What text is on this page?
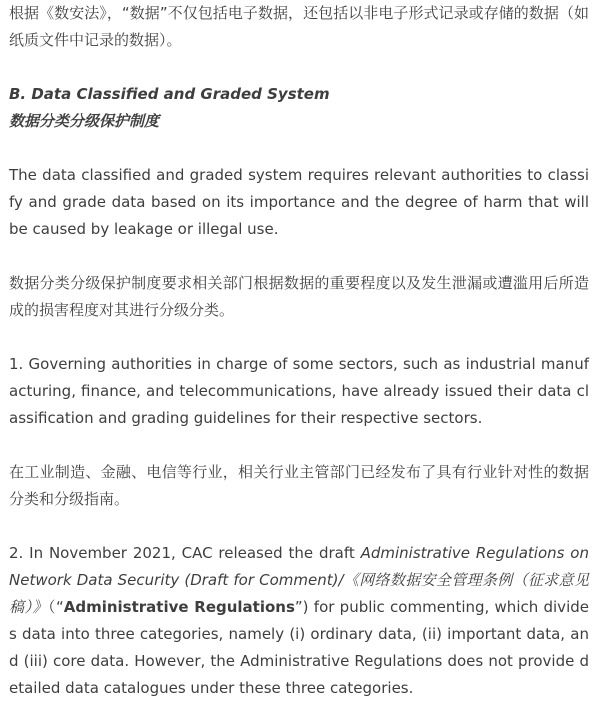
根据《数安法》，“数据”不仅包括电子数据，还包括以非电子形式记录或存储的数据（如纸质文件中记录的数据）。

B. Data Classified and Graded System

数据分类分级保护制度

The data classified and graded system requires relevant authorities to classify and grade data based on its importance and the degree of harm that will be caused by leakage or illegal use.

数据分类分级保护制度要求相关部门根据数据的重要程度以及发生泄漏或遭滥用后所造成的损害程度对其进行分级分类。

1. Governing authorities in charge of some sectors, such as industrial manufacturing, finance, and telecommunications, have already issued their data classification and grading guidelines for their respective sectors.

在工业制造、金融、电信等行业，相关行业主管部门已经发布了具有行业针对性的数据分类和分级指南。

2. In November 2021, CAC released the draft Administrative Regulations on Network Data Security (Draft for Comment)/《网络数据安全管理条例（征求意见稿）》（“Administrative Regulations”) for public commenting, which divides data into three categories, namely (i) ordinary data, (ii) important data, and (iii) core data. However, the Administrative Regulations does not provide detailed data catalogues under these three categories.
